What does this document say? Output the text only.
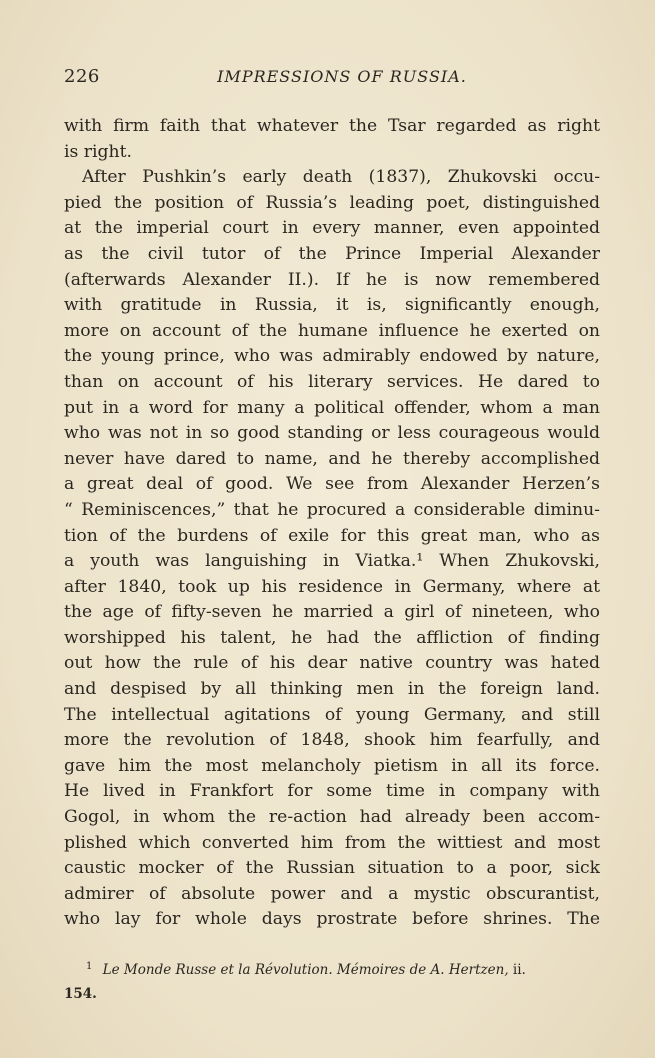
226	IMPRESSIONS OF RUSSIA.
with firm faith that whatever the Tsar regarded as right
is right.
After Pushkin’s early death (1837), Zhukovski occu-
pied the position of Russia’s leading poet, distinguished
at the imperial court in every manner, even appointed
as the civil tutor of the Prince Imperial Alexander
(afterwards Alexander II.). If he is now remembered
with gratitude in Russia, it is, significantly enough,
more on account of the humane influence he exerted on
the young prince, who was admirably endowed by nature,
than on account of his literary services. He dared to
put in a word for many a political offender, whom a man
who was not in so good standing or less courageous would
never have dared to name, and he thereby accomplished
a great deal of good. We see from Alexander Herzen’s
“ Reminiscences,” that he procured a considerable diminu-
tion of the burdens of exile for this great man, who as
a youth was languishing in Viatka.¹ When Zhukovski,
after 1840, took up his residence in Germany, where at
the age of fifty-seven he married a girl of nineteen, who
worshipped his talent, he had the affliction of finding
out how the rule of his dear native country was hated
and despised by all thinking men in the foreign land.
The intellectual agitations of young Germany, and still
more the revolution of 1848, shook him fearfully, and
gave him the most melancholy pietism in all its force.
He lived in Frankfort for some time in company with
Gogol, in whom the re-action had already been accom-
plished which converted him from the wittiest and most
caustic mocker of the Russian situation to a poor, sick
admirer of absolute power and a mystic obscurantist,
who lay for whole days prostrate before shrines. The
$^1$ Le Monde Russe et la Révolution. Mémoires de A. Hertzen, ii.
154.
